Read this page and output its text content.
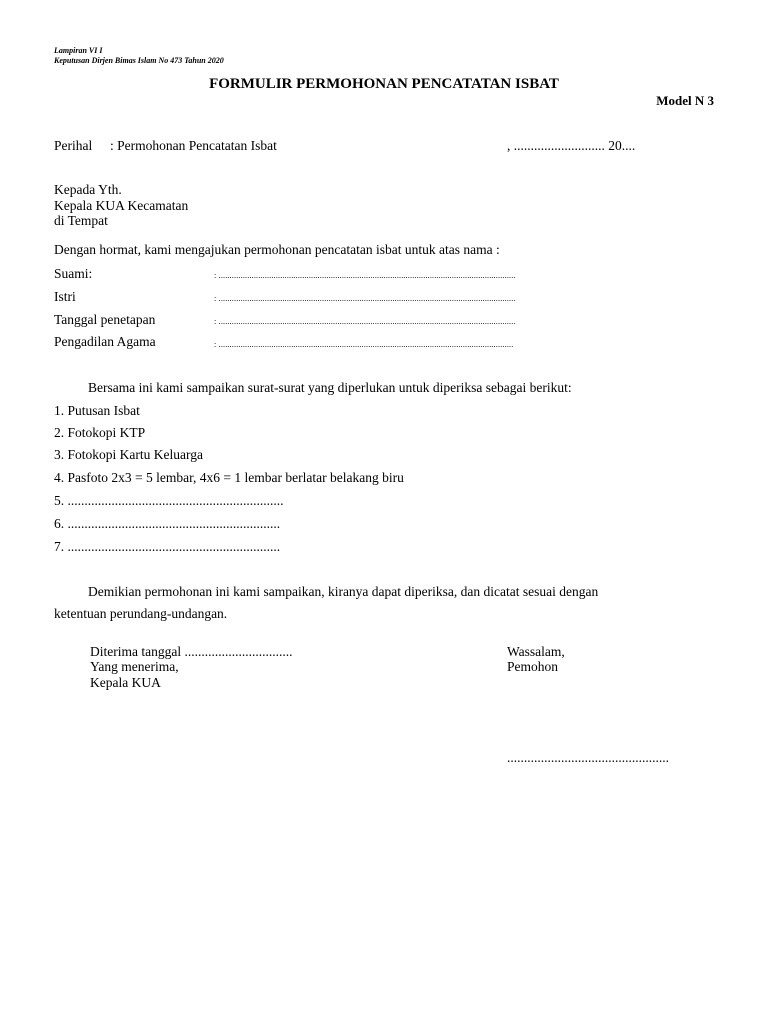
Lampiran VI I
Keputusan Dirjen Bimas Islam No 473 Tahun 2020
FORMULIR PERMOHONAN PENCATATAN ISBAT
Model N 3
Perihal : Permohonan Pencatatan Isbat	, ........................... 20....
Kepada Yth.
Kepala KUA Kecamatan
di Tempat
Dengan hormat, kami mengajukan permohonan pencatatan isbat untuk atas nama :
Suami:	: .......................................................................................................................................
Istri	: .......................................................................................................................................
Tanggal penetapan	: .......................................................................................................................................
Pengadilan Agama	: ......................................................................................................................................
Bersama ini kami sampaikan surat-surat yang diperlukan untuk diperiksa sebagai berikut:
1. Putusan Isbat
2. Fotokopi KTP
3. Fotokopi Kartu Keluarga
4. Pasfoto 2x3 = 5 lembar, 4x6 = 1 lembar berlatar belakang biru
5. ................................................................
6. ...............................................................
7. ...............................................................
Demikian permohonan ini kami sampaikan, kiranya dapat diperiksa, dan dicatat sesuai dengan
ketentuan perundang-undangan.
Diterima tanggal ................................
Yang menerima,
Kepala KUA
Wassalam,
Pemohon
................................................
